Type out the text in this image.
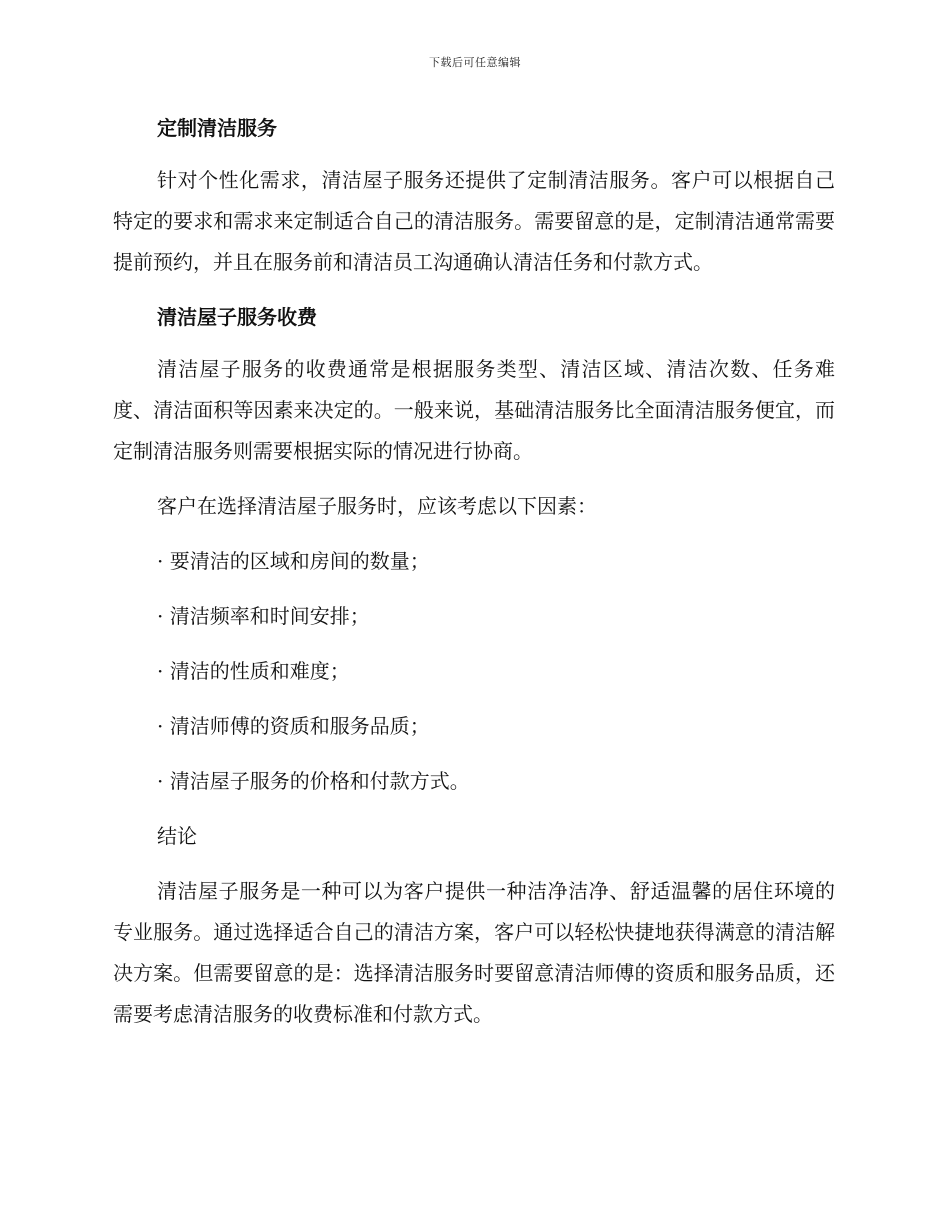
下载后可任意编辑

定制清洁服务

针对个性化需求，清洁屋子服务还提供了定制清洁服务。客户可以根据自己特定的要求和需求来定制适合自己的清洁服务。需要留意的是，定制清洁通常需要提前预约，并且在服务前和清洁员工沟通确认清洁任务和付款方式。

清洁屋子服务收费

清洁屋子服务的收费通常是根据服务类型、清洁区域、清洁次数、任务难度、清洁面积等因素来决定的。一般来说，基础清洁服务比全面清洁服务便宜，而定制清洁服务则需要根据实际的情况进行协商。

客户在选择清洁屋子服务时，应该考虑以下因素：

· 要清洁的区域和房间的数量；

· 清洁频率和时间安排；

· 清洁的性质和难度；

· 清洁师傅的资质和服务品质；

· 清洁屋子服务的价格和付款方式。

结论

清洁屋子服务是一种可以为客户提供一种洁净洁净、舒适温馨的居住环境的专业服务。通过选择适合自己的清洁方案，客户可以轻松快捷地获得满意的清洁解决方案。但需要留意的是：选择清洁服务时要留意清洁师傅的资质和服务品质，还需要考虑清洁服务的收费标准和付款方式。
